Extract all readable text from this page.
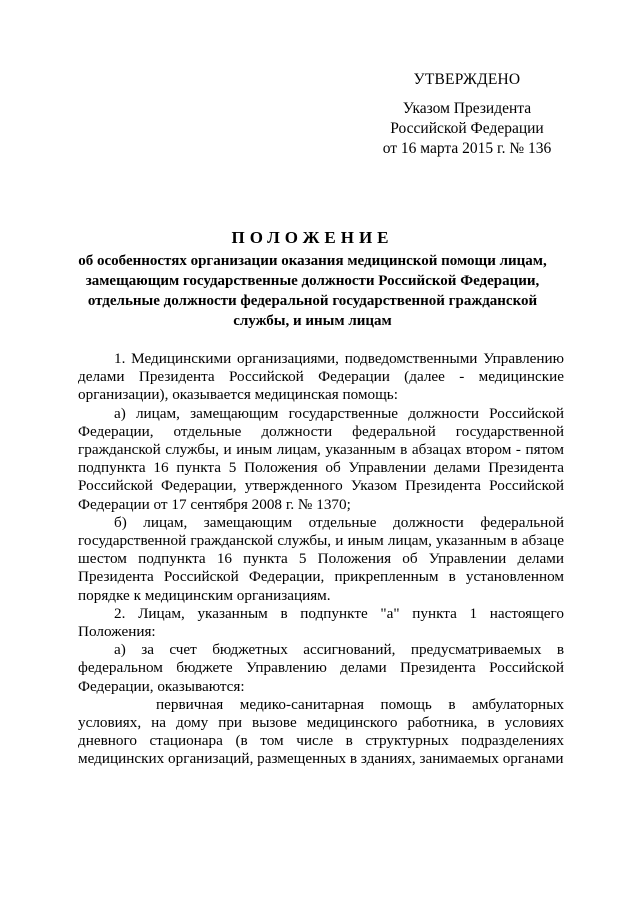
УТВЕРЖДЕНО
Указом Президента
Российской Федерации
от 16 марта 2015 г. № 136
ПОЛОЖЕНИЕ
об особенностях организации оказания медицинской помощи лицам,
замещающим государственные должности Российской Федерации,
отдельные должности федеральной государственной гражданской
службы, и иным лицам

1. Медицинскими организациями, подведомственными Управлению делами Президента Российской Федерации (далее - медицинские организации), оказывается медицинская помощь:

а) лицам, замещающим государственные должности Российской Федерации, отдельные должности федеральной государственной гражданской службы, и иным лицам, указанным в абзацах втором - пятом подпункта 16 пункта 5 Положения об Управлении делами Президента Российской Федерации, утвержденного Указом Президента Российской Федерации от 17 сентября 2008 г. № 1370;

б) лицам, замещающим отдельные должности федеральной государственной гражданской службы, и иным лицам, указанным в абзаце шестом подпункта 16 пункта 5 Положения об Управлении делами Президента Российской Федерации, прикрепленным в установленном порядке к медицинским организациям.

2. Лицам, указанным в подпункте "а" пункта 1 настоящего Положения:

а) за счет бюджетных ассигнований, предусматриваемых в федеральном бюджете Управлению делами Президента Российской Федерации, оказываются:

первичная медико-санитарная помощь в амбулаторных условиях, на дому при вызове медицинского работника, в условиях дневного стационара (в том числе в структурных подразделениях медицинских организаций, размещенных в зданиях, занимаемых органами
